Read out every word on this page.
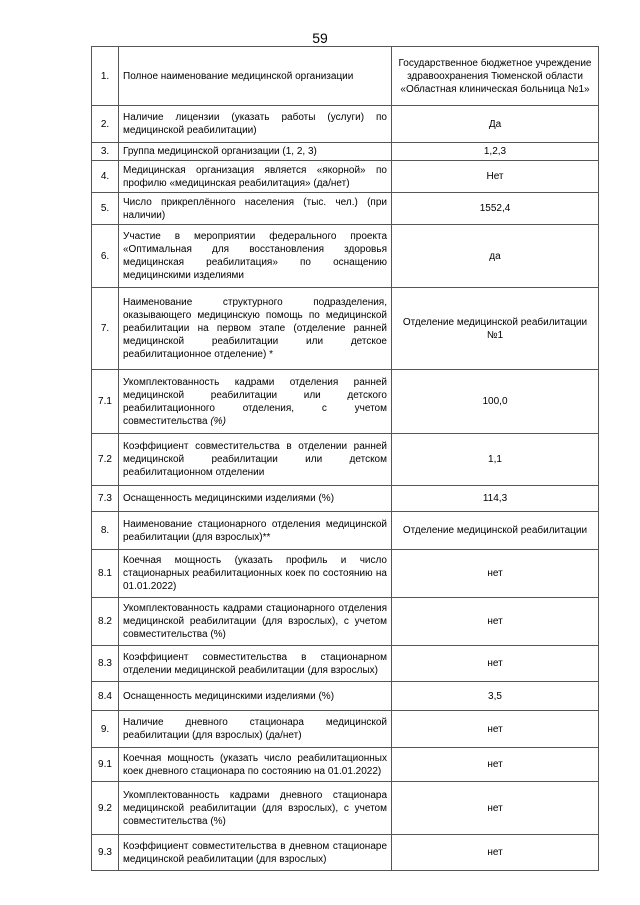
59
1.	Полное наименование медицинской организации	Государственное бюджетное учреждение здравоохранения Тюменской области «Областная клиническая больница №1»
2.	Наличие лицензии (указать работы (услуги) по медицинской реабилитации)	Да
3.	Группа медицинской организации (1, 2, 3)	1,2,3
4.	Медицинская организация является «якорной» по профилю «медицинская реабилитация» (да/нет)	Нет
5.	Число прикреплённого населения (тыс. чел.) (при наличии)	1552,4
6.	Участие в мероприятии федерального проекта «Оптимальная для восстановления здоровья медицинская реабилитация» по оснащению медицинскими изделиями	да
7.	Наименование структурного подразделения, оказывающего медицинскую помощь по медицинской реабилитации на первом этапе (отделение ранней медицинской реабилитации или детское реабилитационное отделение) *	Отделение медицинской реабилитации №1
7.1	Укомплектованность кадрами отделения ранней медицинской реабилитации или детского реабилитационного отделения, с учетом совместительства (%)	100,0
7.2	Коэффициент совместительства в отделении ранней медицинской реабилитации или детском реабилитационном отделении	1,1
7.3	Оснащенность медицинскими изделиями (%)	114,3
8.	Наименование стационарного отделения медицинской реабилитации (для взрослых)**	Отделение медицинской реабилитации
8.1	Коечная мощность (указать профиль и число стационарных реабилитационных коек по состоянию на 01.01.2022)	нет
8.2	Укомплектованность кадрами стационарного отделения медицинской реабилитации (для взрослых), с учетом совместительства (%)	нет
8.3	Коэффициент совместительства в стационарном отделении медицинской реабилитации (для взрослых)	нет
8.4	Оснащенность медицинскими изделиями (%)	3,5
9.	Наличие дневного стационара медицинской реабилитации (для взрослых) (да/нет)	нет
9.1	Коечная мощность (указать число реабилитационных коек дневного стационара по состоянию на 01.01.2022)	нет
9.2	Укомплектованность кадрами дневного стационара медицинской реабилитации (для взрослых), с учетом совместительства (%)	нет
9.3	Коэффициент совместительства в дневном стационаре медицинской реабилитации (для взрослых)	нет
